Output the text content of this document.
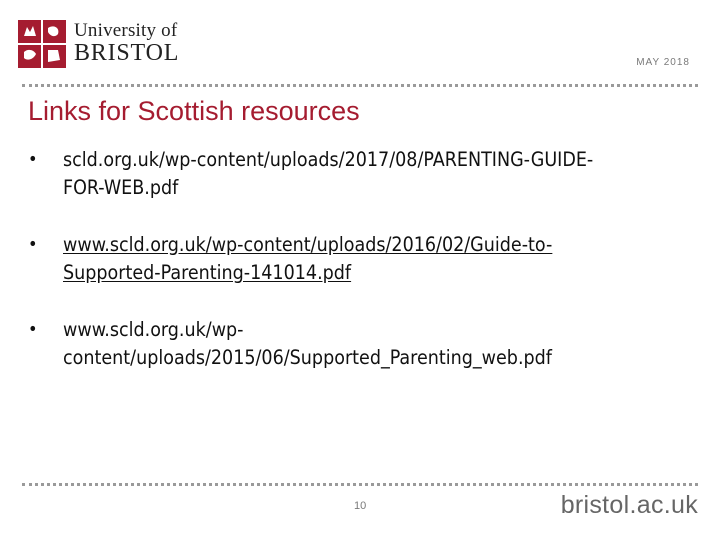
University of
BRISTOL	MAY 2018
Links for Scottish resources
• scld.org.uk/wp-content/uploads/2017/08/PARENTING-GUIDE-
FOR-WEB.pdf
• www.scld.org.uk/wp-content/uploads/2016/02/Guide-to-
Supported-Parenting-141014.pdf
• www.scld.org.uk/wp-
content/uploads/2015/06/Supported_Parenting_web.pdf
10	bristol.ac.uk
